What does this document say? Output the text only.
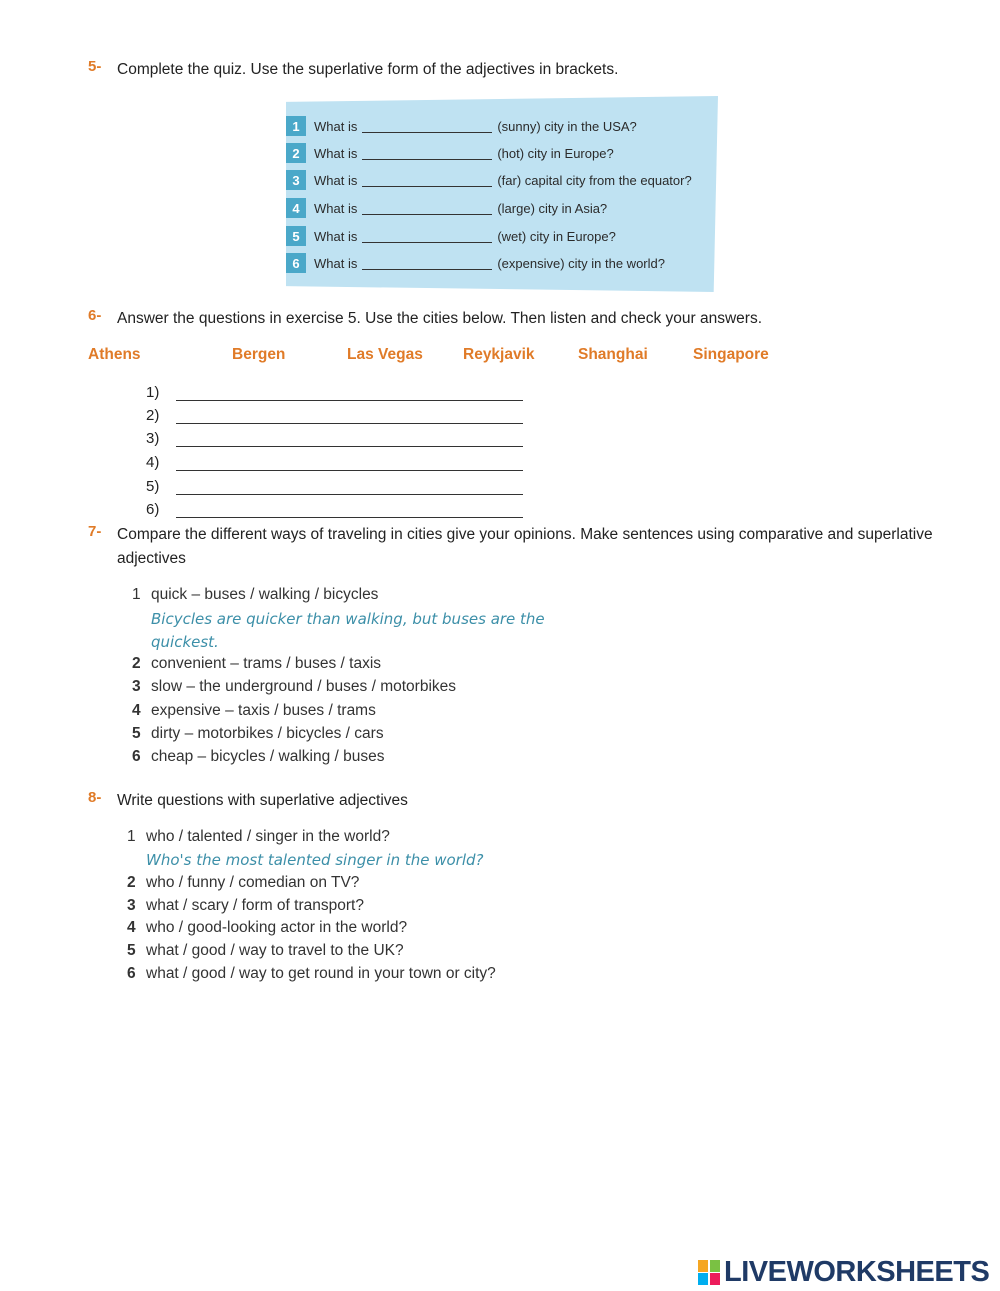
5-	Complete the quiz. Use the superlative form of the adjectives in brackets.
1	What is	(sunny) city in the USA?
2	What is	(hot) city in Europe?
3	What is	(far) capital city from the equator?
4	What is	(large) city in Asia?
5	What is	(wet) city in Europe?
6	What is	(expensive) city in the world?
6-	Answer the questions in exercise 5. Use the cities below. Then listen and check your answers.
Athens	Bergen	Las Vegas	Reykjavik	Shanghai	Singapore
1)
2)
3)
4)
5)
6)
7-	Compare the different ways of traveling in cities give your opinions. Make sentences using comparative and superlative adjectives
1 quick – buses / walking / bicycles
Bicycles are quicker than walking, but buses are the
quickest.
2 convenient – trams / buses / taxis
3 slow – the underground / buses / motorbikes
4 expensive – taxis / buses / trams
5 dirty – motorbikes / bicycles / cars
6 cheap – bicycles / walking / buses
8-	Write questions with superlative adjectives
1 who / talented / singer in the world?
Who's the most talented singer in the world?
2 who / funny / comedian on TV?
3 what / scary / form of transport?
4 who / good-looking actor in the world?
5 what / good / way to travel to the UK?
6 what / good / way to get round in your town or city?
LIVEWORKSHEETS
